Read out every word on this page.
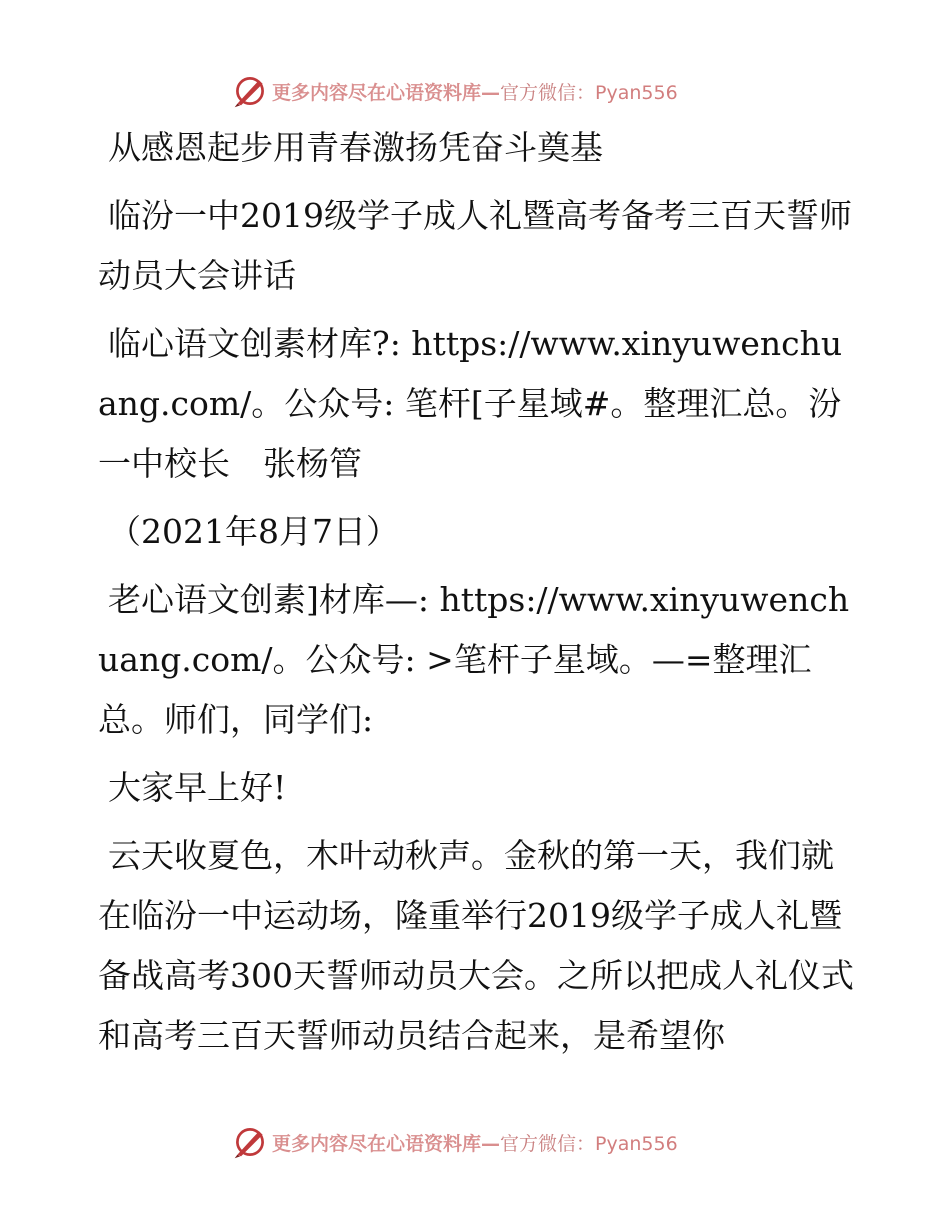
更多内容尽在心语资料库—官方微信：Pyan556

从感恩起步用青春激扬凭奋斗奠基

临汾一中2019级学子成人礼暨高考备考三百天誓师动员大会讲话

临心语文创素材库?: https://www.xinyuwenchuang.com/。公众号: 笔杆[子星域#。整理汇总。汾一中校长　张杨管

（2021年8月7日）

老心语文创素]材库—: https://www.xinyuwenchuang.com/。公众号: >笔杆子星域。—=整理汇总。师们，同学们:

大家早上好!

云天收夏色，木叶动秋声。金秋的第一天，我们就在临汾一中运动场，隆重举行2019级学子成人礼暨备战高考300天誓师动员大会。之所以把成人礼仪式和高考三百天誓师动员结合起来，是希望你

更多内容尽在心语资料库—官方微信：Pyan556
